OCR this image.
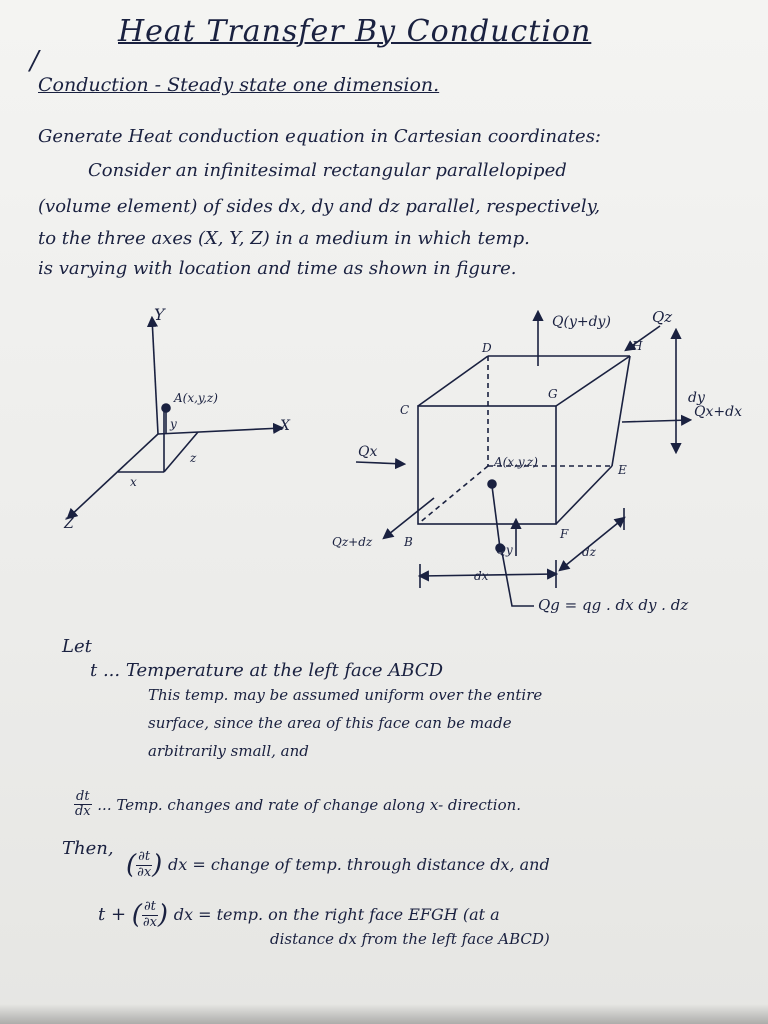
/
Heat Transfer By Conduction
Conduction - Steady state one dimension.
Generate Heat conduction equation in Cartesian coordinates:
Consider an infinitesimal rectangular parallelopiped
(volume element) of sides dx, dy and dz parallel, respectively,
to the three axes (X, Y, Z) in a medium in which temp.
is varying with location and time as shown in figure.
Y
X
Z
A(x,y,z)
y
x
z	A(x,y,z)
B
C
D
E
F
G
H
Qx
Qx+dx
Q(y+dy)	Qz
Qz+dz
Qy
dy
dx
dz
Qg = qg . dx dy . dz
Let
t ... Temperature at the left face ABCD
This temp. may be assumed uniform over the entire
surface, since the area of this face can be made
arbitrarily small, and
$\frac{dt}{dx}$ ... Temp. changes and rate of change along x- direction.
Then,
( $\frac{\partial t}{\partial x}$ ) dx = change of temp. through distance dx, and
t + ( $\frac{\partial t}{\partial x}$ ) dx = temp. on the right face EFGH (at a
distance dx from the left face ABCD)
